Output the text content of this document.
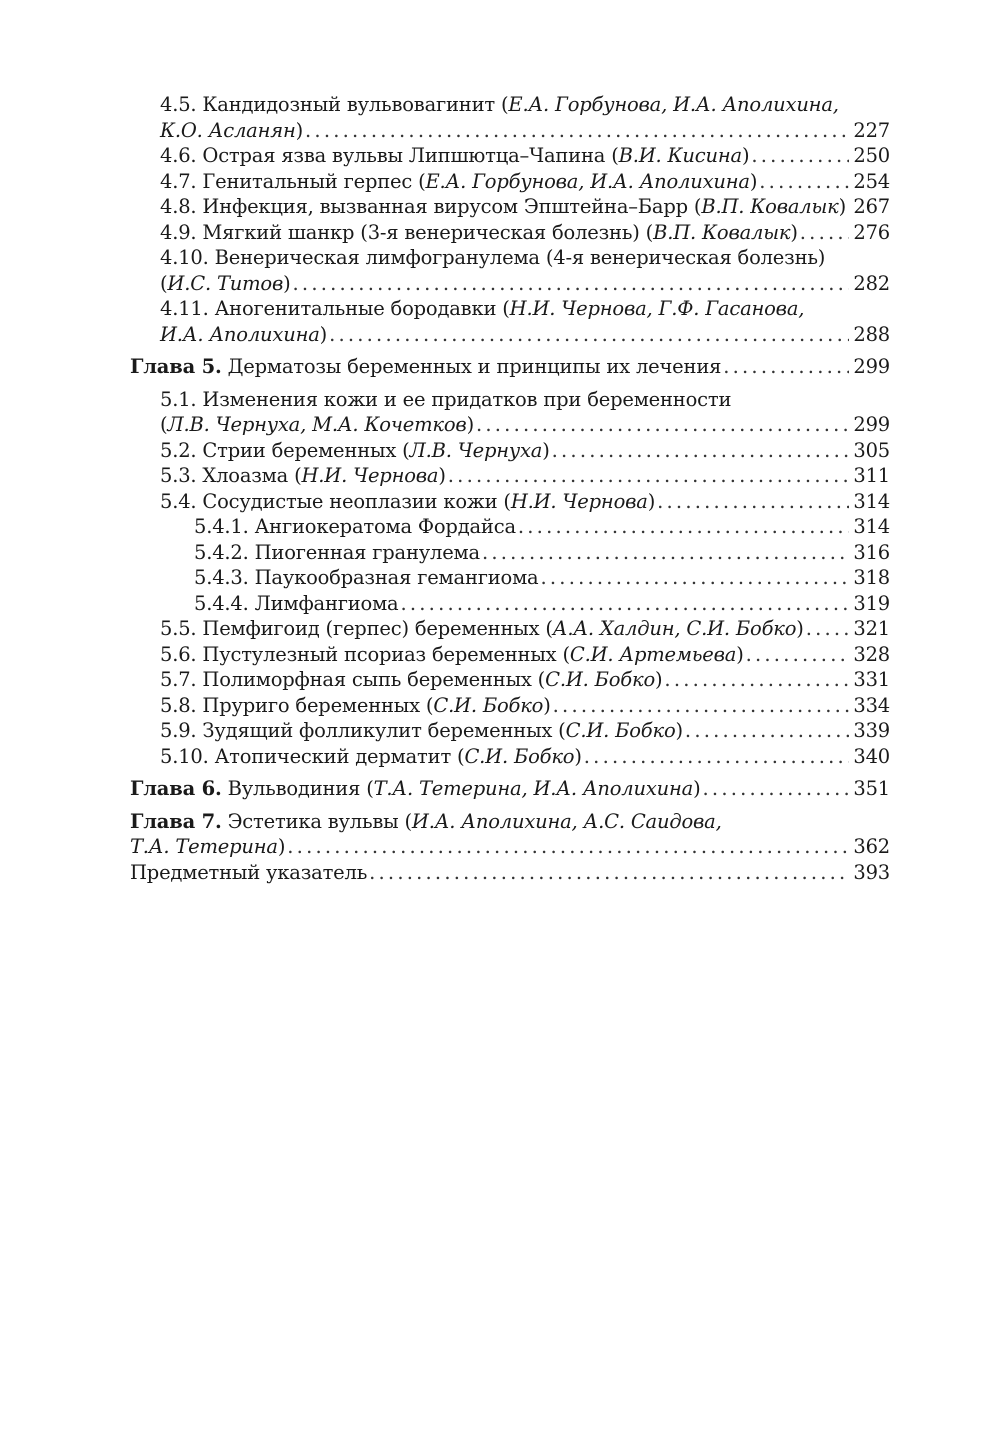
4.5. Кандидозный вульвовагинит (Е.А. Горбунова, И.А. Аполихина,
К.О. Асланян) .....	227
4.6. Острая язва вульвы Липшютца–Чапина (В.И. Кисина) .....	250
4.7. Генитальный герпес (Е.А. Горбунова, И.А. Аполихина) .....	254
4.8. Инфекция, вызванная вирусом Эпштейна–Барр (В.П. Ковалык) ..... 267
4.9. Мягкий шанкр (3-я венерическая болезнь) (В.П. Ковалык) .....	276
4.10. Венерическая лимфогранулема (4-я венерическая болезнь)
(И.С. Титов) .....	282
4.11. Аногенитальные бородавки (Н.И. Чернова, Г.Ф. Гасанова,
И.А. Аполихина) .....	288
Глава 5. Дерматозы беременных и принципы их лечения .....	299
5.1. Изменения кожи и ее придатков при беременности
(Л.В. Чернуха, М.А. Кочетков) .....	299
5.2. Стрии беременных (Л.В. Чернуха) .....	305
5.3. Хлоазма (Н.И. Чернова) .....	311
5.4. Сосудистые неоплазии кожи (Н.И. Чернова) .....	314
5.4.1. Ангиокератома Фордайса .....	314
5.4.2. Пиогенная гранулема .....	316
5.4.3. Паукообразная гемангиома .....	318
5.4.4. Лимфангиома .....	319
5.5. Пемфигоид (герпес) беременных (А.А. Халдин, С.И. Бобко) .....	321
5.6. Пустулезный псориаз беременных (С.И. Артемьева) .....	328
5.7. Полиморфная сыпь беременных (С.И. Бобко) .....	331
5.8. Пруриго беременных (С.И. Бобко) .....	334
5.9. Зудящий фолликулит беременных (С.И. Бобко) .....	339
5.10. Атопический дерматит (С.И. Бобко) .....	340
Глава 6. Вульводиния (Т.А. Тетерина, И.А. Аполихина) .....	351
Глава 7. Эстетика вульвы (И.А. Аполихина, А.С. Саидова,
Т.А. Тетерина) .....	362
Предметный указатель .....	393
